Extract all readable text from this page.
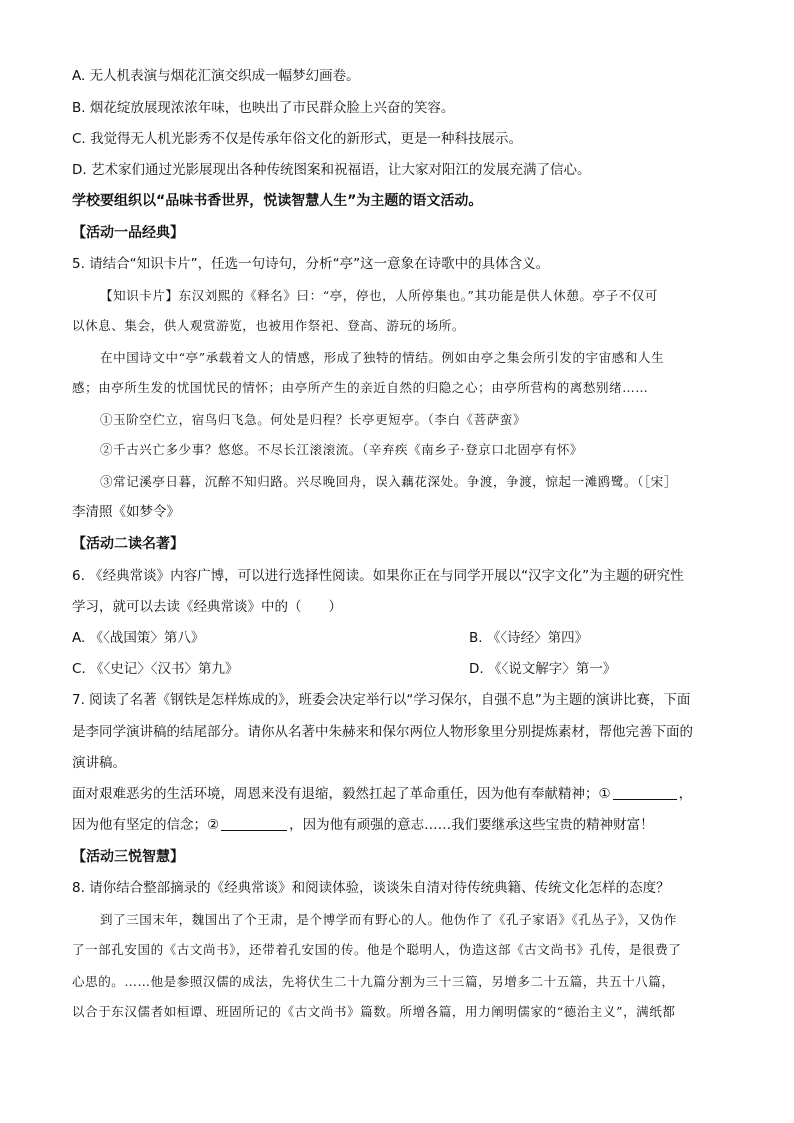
A. 无人机表演与烟花汇演交织成一幅梦幻画卷。
B. 烟花绽放展现浓浓年味，也映出了市民群众脸上兴奋的笑容。
C. 我觉得无人机光影秀不仅是传承年俗文化的新形式，更是一种科技展示。
D. 艺术家们通过光影展现出各种传统图案和祝福语，让大家对阳江的发展充满了信心。
学校要组织以“品味书香世界，悦读智慧人生”为主题的语文活动。
【活动一品经典】
5. 请结合“知识卡片”，任选一句诗句，分析“亭”这一意象在诗歌中的具体含义。
【知识卡片】东汉刘熙的《释名》曰：“亭，停也，人所停集也。”其功能是供人休憩。亭子不仅可
以休息、集会，供人观赏游览，也被用作祭祀、登高、游玩的场所。
在中国诗文中“亭”承载着文人的情感，形成了独特的情结。例如由亭之集会所引发的宇宙感和人生
感；由亭所生发的忧国忧民的情怀；由亭所产生的亲近自然的归隐之心；由亭所营构的离愁别绪……
①玉阶空伫立，宿鸟归飞急。何处是归程？长亭更短亭。（李白《菩萨蛮》
②千古兴亡多少事？悠悠。不尽长江滚滚流。（辛弃疾《南乡子·登京口北固亭有怀》
③常记溪亭日暮，沉醉不知归路。兴尽晚回舟，误入藕花深处。争渡，争渡，惊起一滩鸥鹭。（［宋］
李清照《如梦令》
【活动二读名著】
6. 《经典常谈》内容广博，可以进行选择性阅读。如果你正在与同学开展以“汉字文化”为主题的研究性
学习，就可以去读《经典常谈》中的（　　）
A. 《〈战国策〉第八》	B. 《〈诗经〉第四》
C. 《〈史记〉〈汉书〉第九》	D. 《〈说文解字〉第一》
7. 阅读了名著《钢铁是怎样炼成的》，班委会决定举行以“学习保尔，自强不息”为主题的演讲比赛，下面
是李同学演讲稿的结尾部分。请你从名著中朱赫来和保尔两位人物形象里分别提炼素材，帮他完善下面的
演讲稿。
面对艰难恶劣的生活环境，周恩来没有退缩，毅然扛起了革命重任，因为他有奉献精神；①	，
因为他有坚定的信念；②	，因为他有顽强的意志……我们要继承这些宝贵的精神财富！
【活动三悦智慧】
8. 请你结合整部摘录的《经典常谈》和阅读体验，谈谈朱自清对待传统典籍、传统文化怎样的态度？
到了三国末年，魏国出了个王肃，是个博学而有野心的人。他伪作了《孔子家语》《孔丛子》，又伪作
了一部孔安国的《古文尚书》，还带着孔安国的传。他是个聪明人，伪造这部《古文尚书》孔传，是很费了
心思的。……他是参照汉儒的成法，先将伏生二十九篇分割为三十三篇，另增多二十五篇，共五十八篇，
以合于东汉儒者如桓谭、班固所记的《古文尚书》篇数。所增各篇，用力阐明儒家的“德治主义”，满纸都
